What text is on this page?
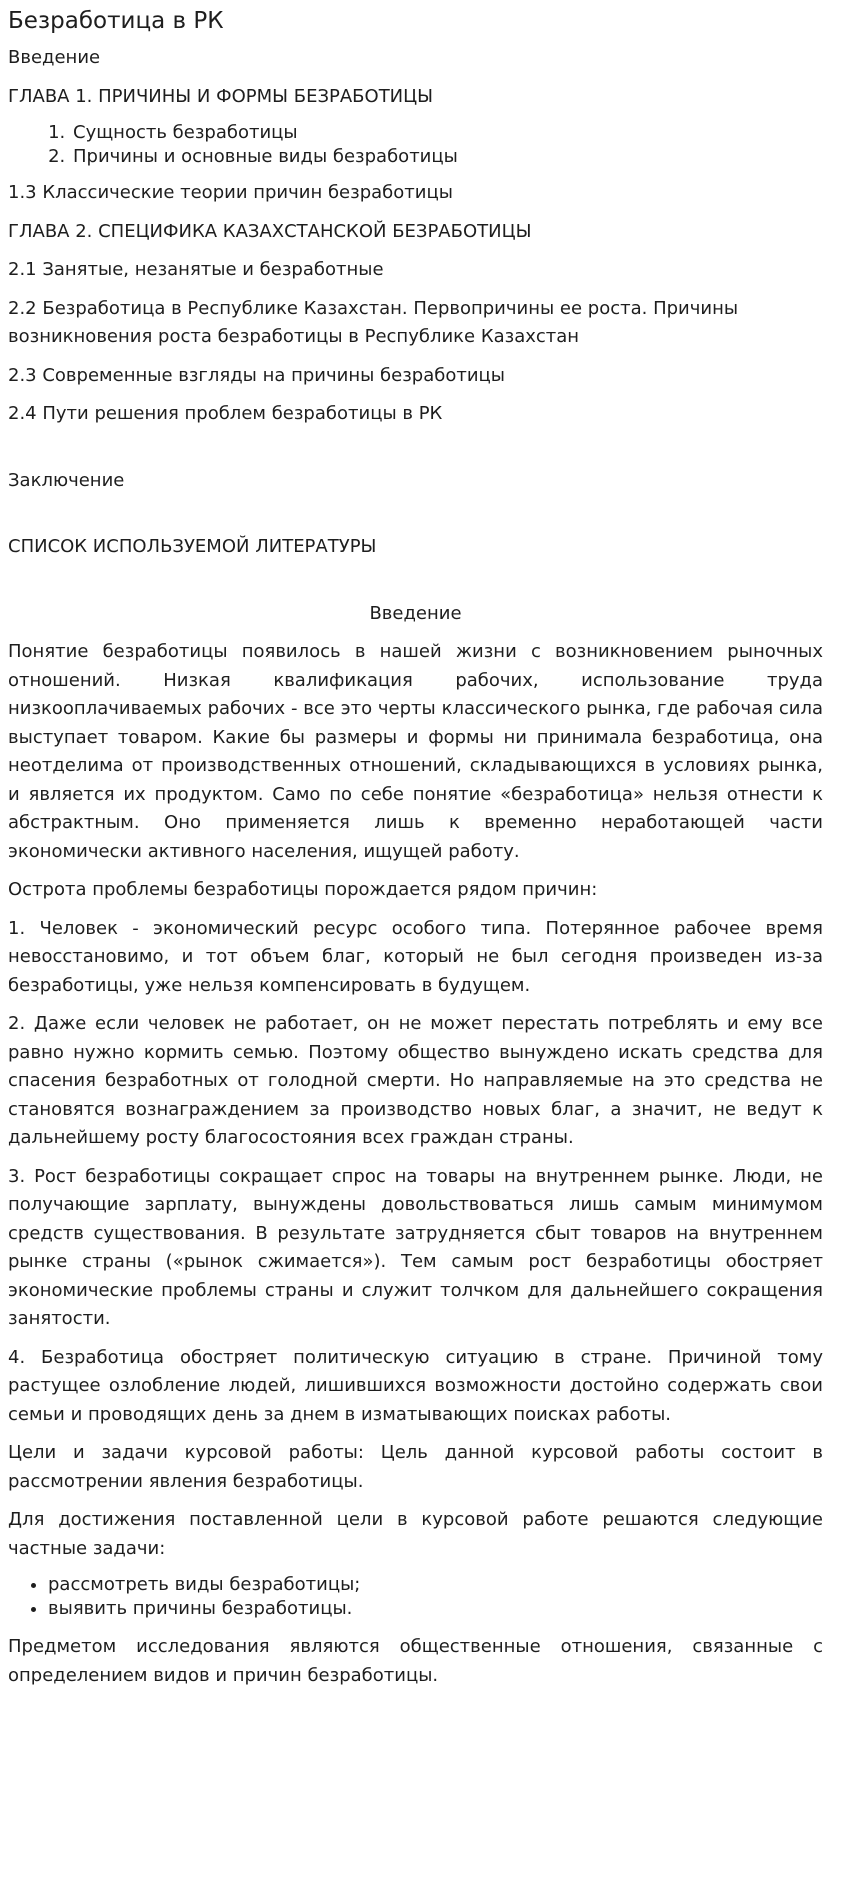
Безработица в РК

Введение

ГЛАВА 1. ПРИЧИНЫ И ФОРМЫ БЕЗРАБОТИЦЫ

1. Сущность безработицы
2. Причины и основные виды безработицы

1.3 Классические теории причин безработицы

ГЛАВА 2. СПЕЦИФИКА КАЗАХСТАНСКОЙ БЕЗРАБОТИЦЫ

2.1 Занятые, незанятые и безработные

2.2 Безработица в Республике Казахстан. Первопричины ее роста. Причины возникновения роста безработицы в Республике Казахстан

2.3 Современные взгляды на причины безработицы

2.4 Пути решения проблем безработицы в РК

Заключение

СПИСОК ИСПОЛЬЗУЕМОЙ ЛИТЕРАТУРЫ

Введение

Понятие безработицы появилось в нашей жизни с возникновением рыночных отношений. Низкая квалификация рабочих, использование труда низкооплачиваемых рабочих - все это черты классического рынка, где рабочая сила выступает товаром. Какие бы размеры и формы ни принимала безработица, она неотделима от производственных отношений, складывающихся в условиях рынка, и является их продуктом. Само по себе понятие «безработица» нельзя отнести к абстрактным. Оно применяется лишь к временно неработающей части экономически активного населения, ищущей работу.

Острота проблемы безработицы порождается рядом причин:

1. Человек - экономический ресурс особого типа. Потерянное рабочее время невосстановимо, и тот объем благ, который не был сегодня произведен из-за безработицы, уже нельзя компенсировать в будущем.

2. Даже если человек не работает, он не может перестать потреблять и ему все равно нужно кормить семью. Поэтому общество вынуждено искать средства для спасения безработных от голодной смерти. Но направляемые на это средства не становятся вознаграждением за производство новых благ, а значит, не ведут к дальнейшему росту благосостояния всех граждан страны.

3. Рост безработицы сокращает спрос на товары на внутреннем рынке. Люди, не получающие зарплату, вынуждены довольствоваться лишь самым минимумом средств существования. В результате затрудняется сбыт товаров на внутреннем рынке страны («рынок сжимается»). Тем самым рост безработицы обостряет экономические проблемы страны и служит толчком для дальнейшего сокращения занятости.

4. Безработица обостряет политическую ситуацию в стране. Причиной тому растущее озлобление людей, лишившихся возможности достойно содержать свои семьи и проводящих день за днем в изматывающих поисках работы.

Цели и задачи курсовой работы: Цель данной курсовой работы состоит в рассмотрении явления безработицы.

Для достижения поставленной цели в курсовой работе решаются следующие частные задачи:

• рассмотреть виды безработицы;
• выявить причины безработицы.

Предметом исследования являются общественные отношения, связанные с определением видов и причин безработицы.
